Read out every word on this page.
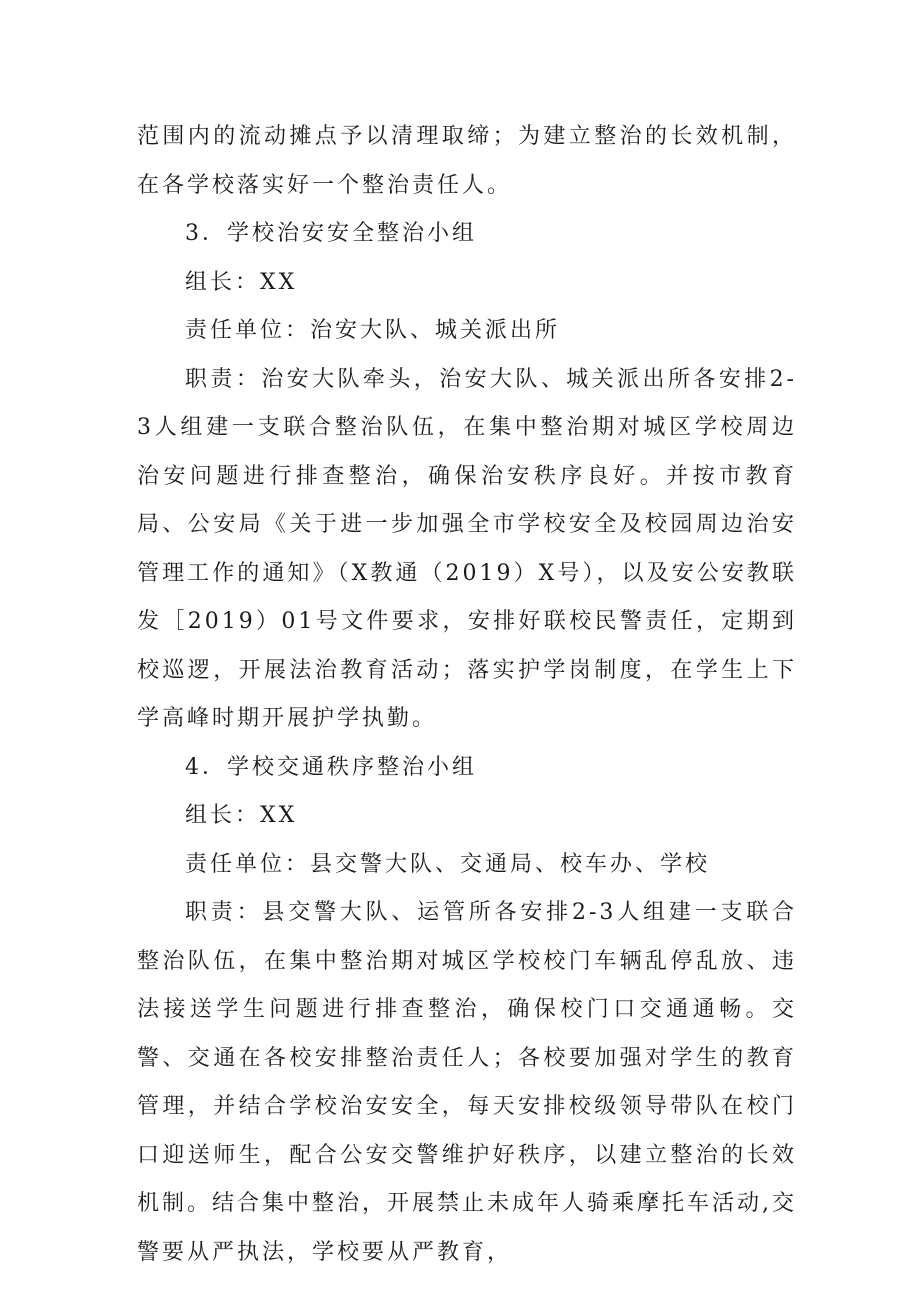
范围内的流动摊点予以清理取缔；为建立整治的长效机制，在各学校落实好一个整治责任人。

3．学校治安安全整治小组

组长：XX

责任单位：治安大队、城关派出所

职责：治安大队牵头，治安大队、城关派出所各安排2-3人组建一支联合整治队伍，在集中整治期对城区学校周边治安问题进行排查整治，确保治安秩序良好。并按市教育局、公安局《关于进一步加强全市学校安全及校园周边治安管理工作的通知》（X教通（2019）X号），以及安公安教联发［2019）01号文件要求，安排好联校民警责任，定期到校巡逻，开展法治教育活动；落实护学岗制度，在学生上下学高峰时期开展护学执勤。

4．学校交通秩序整治小组

组长：XX

责任单位：县交警大队、交通局、校车办、学校

职责：县交警大队、运管所各安排2-3人组建一支联合整治队伍，在集中整治期对城区学校校门车辆乱停乱放、违法接送学生问题进行排查整治，确保校门口交通通畅。交警、交通在各校安排整治责任人；各校要加强对学生的教育管理，并结合学校治安安全，每天安排校级领导带队在校门口迎送师生，配合公安交警维护好秩序，以建立整治的长效机制。结合集中整治，开展禁止未成年人骑乘摩托车活动,交警要从严执法，学校要从严教育，
